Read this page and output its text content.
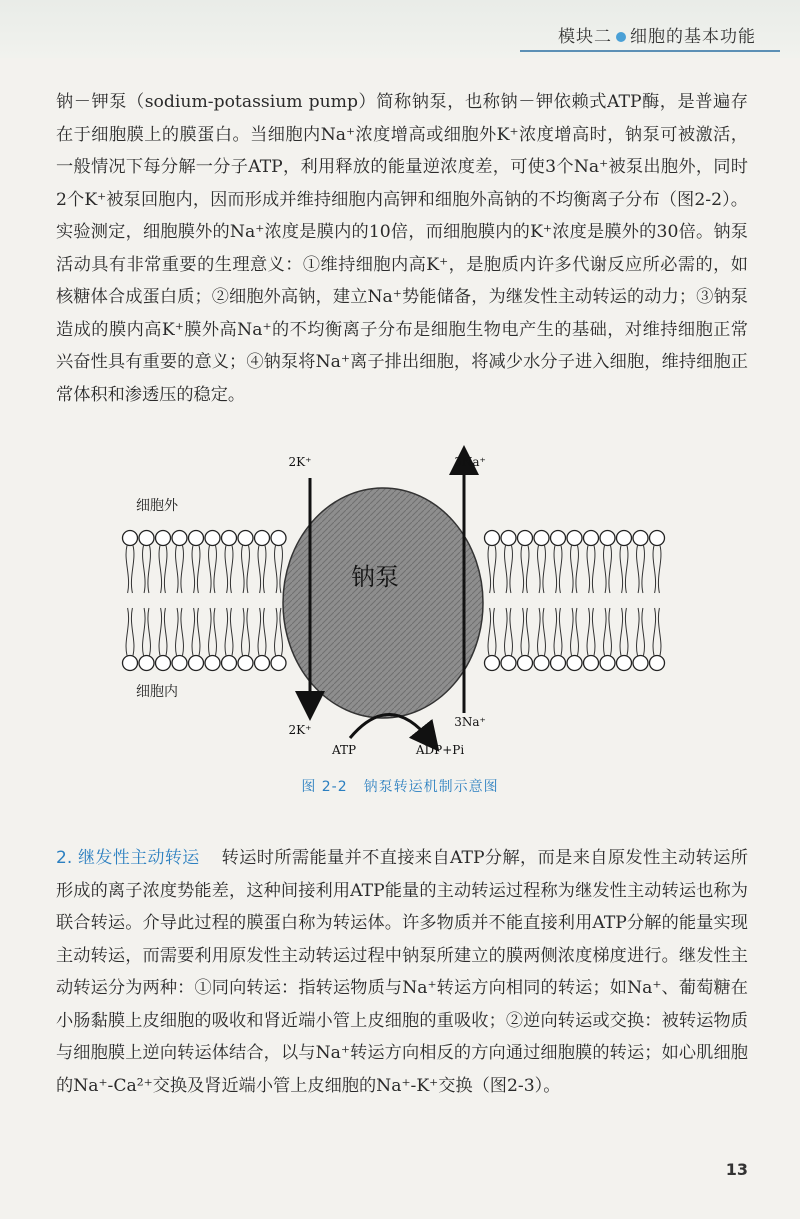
模块二 细胞的基本功能

钠－钾泵（sodium-potassium pump）简称钠泵，也称钠－钾依赖式ATP酶，是普遍存在于细胞膜上的膜蛋白。当细胞内Na⁺浓度增高或细胞外K⁺浓度增高时，钠泵可被激活，一般情况下每分解一分子ATP，利用释放的能量逆浓度差，可使3个Na⁺被泵出胞外，同时2个K⁺被泵回胞内，因而形成并维持细胞内高钾和细胞外高钠的不均衡离子分布（图2-2）。实验测定，细胞膜外的Na⁺浓度是膜内的10倍，而细胞膜内的K⁺浓度是膜外的30倍。钠泵活动具有非常重要的生理意义：①维持细胞内高K⁺，是胞质内许多代谢反应所必需的，如核糖体合成蛋白质；②细胞外高钠，建立Na⁺势能储备，为继发性主动转运的动力；③钠泵造成的膜内高K⁺膜外高Na⁺的不均衡离子分布是细胞生物电产生的基础，对维持细胞正常兴奋性具有重要的意义；④钠泵将Na⁺离子排出细胞，将减少水分子进入细胞，维持细胞正常体积和渗透压的稳定。

钠泵
2K⁺	3Na⁺
2K⁺
3Na⁺
ATP	ADP+Pi
细胞外
细胞内
图 2-2 钠泵转运机制示意图

2. 继发性主动转运 转运时所需能量并不直接来自ATP分解，而是来自原发性主动转运所形成的离子浓度势能差，这种间接利用ATP能量的主动转运过程称为继发性主动转运也称为联合转运。介导此过程的膜蛋白称为转运体。许多物质并不能直接利用ATP分解的能量实现主动转运，而需要利用原发性主动转运过程中钠泵所建立的膜两侧浓度梯度进行。继发性主动转运分为两种：①同向转运：指转运物质与Na⁺转运方向相同的转运；如Na⁺、葡萄糖在小肠黏膜上皮细胞的吸收和肾近端小管上皮细胞的重吸收；②逆向转运或交换：被转运物质与细胞膜上逆向转运体结合，以与Na⁺转运方向相反的方向通过细胞膜的转运；如心肌细胞的Na⁺-Ca²⁺交换及肾近端小管上皮细胞的Na⁺-K⁺交换（图2-3）。

13
